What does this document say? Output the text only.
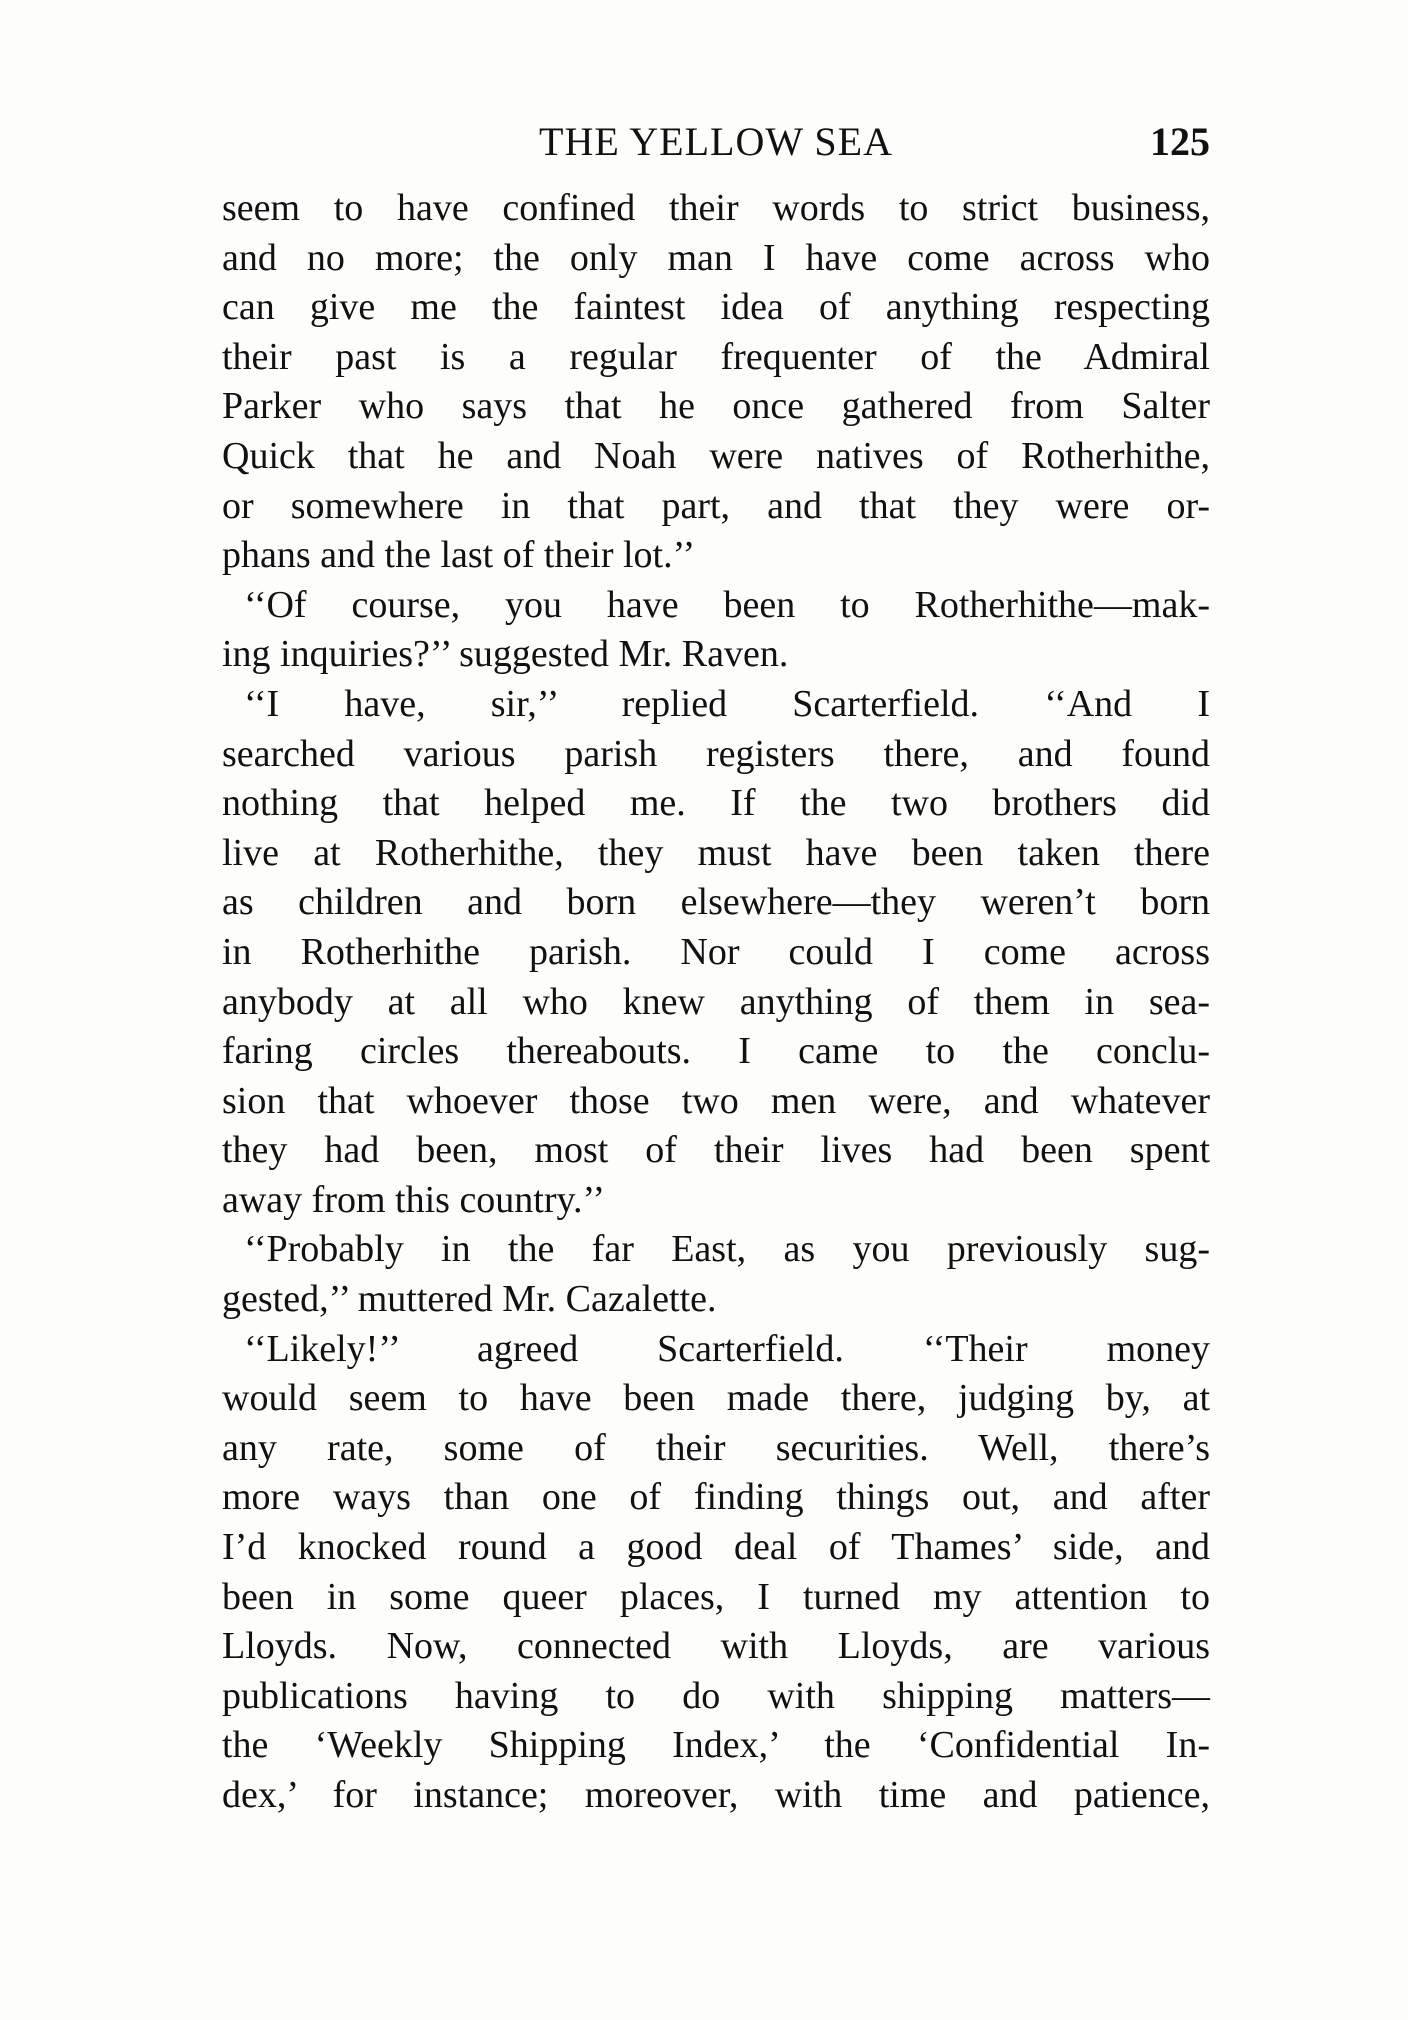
THE YELLOW SEA	125
seem to have confined their words to strict business,
and no more; the only man I have come across who
can give me the faintest idea of anything respecting
their past is a regular frequenter of the Admiral
Parker who says that he once gathered from Salter
Quick that he and Noah were natives of Rotherhithe,
or somewhere in that part, and that they were or-
phans and the last of their lot.’’
‘‘Of course, you have been to Rotherhithe—mak-
ing inquiries?’’ suggested Mr. Raven.
‘‘I have, sir,’’ replied Scarterfield. ‘‘And I
searched various parish registers there, and found
nothing that helped me. If the two brothers did
live at Rotherhithe, they must have been taken there
as children and born elsewhere—they weren’t born
in Rotherhithe parish. Nor could I come across
anybody at all who knew anything of them in sea-
faring circles thereabouts. I came to the conclu-
sion that whoever those two men were, and whatever
they had been, most of their lives had been spent
away from this country.’’
‘‘Probably in the far East, as you previously sug-
gested,’’ muttered Mr. Cazalette.
‘‘Likely!’’ agreed Scarterfield. ‘‘Their money
would seem to have been made there, judging by, at
any rate, some of their securities. Well, there’s
more ways than one of finding things out, and after
I’d knocked round a good deal of Thames’ side, and
been in some queer places, I turned my attention to
Lloyds. Now, connected with Lloyds, are various
publications having to do with shipping matters—
the ‘Weekly Shipping Index,’ the ‘Confidential In-
dex,’ for instance; moreover, with time and patience,
